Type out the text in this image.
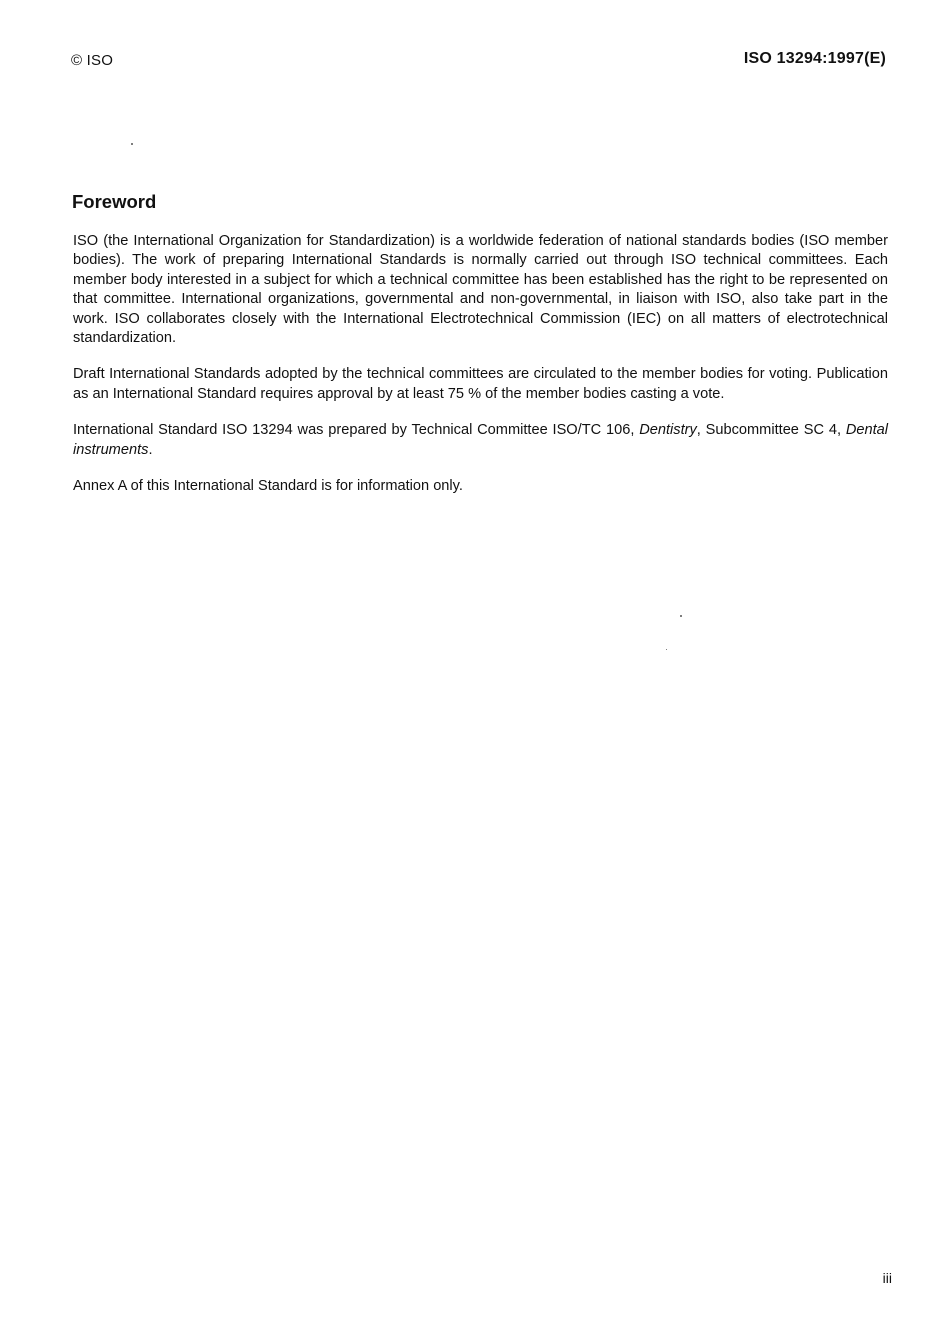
© ISO	ISO 13294:1997(E)
Foreword

ISO (the International Organization for Standardization) is a worldwide federation of national standards bodies (ISO member bodies). The work of preparing International Standards is normally carried out through ISO technical committees. Each member body interested in a subject for which a technical committee has been established has the right to be represented on that committee. International organizations, governmental and non-governmental, in liaison with ISO, also take part in the work. ISO collaborates closely with the International Electrotechnical Commission (IEC) on all matters of electrotechnical standardization.

Draft International Standards adopted by the technical committees are circulated to the member bodies for voting. Publication as an International Standard requires approval by at least 75 % of the member bodies casting a vote.

International Standard ISO 13294 was prepared by Technical Committee ISO/TC 106, Dentistry, Subcommittee SC 4, Dental instruments.

Annex A of this International Standard is for information only.

iii
